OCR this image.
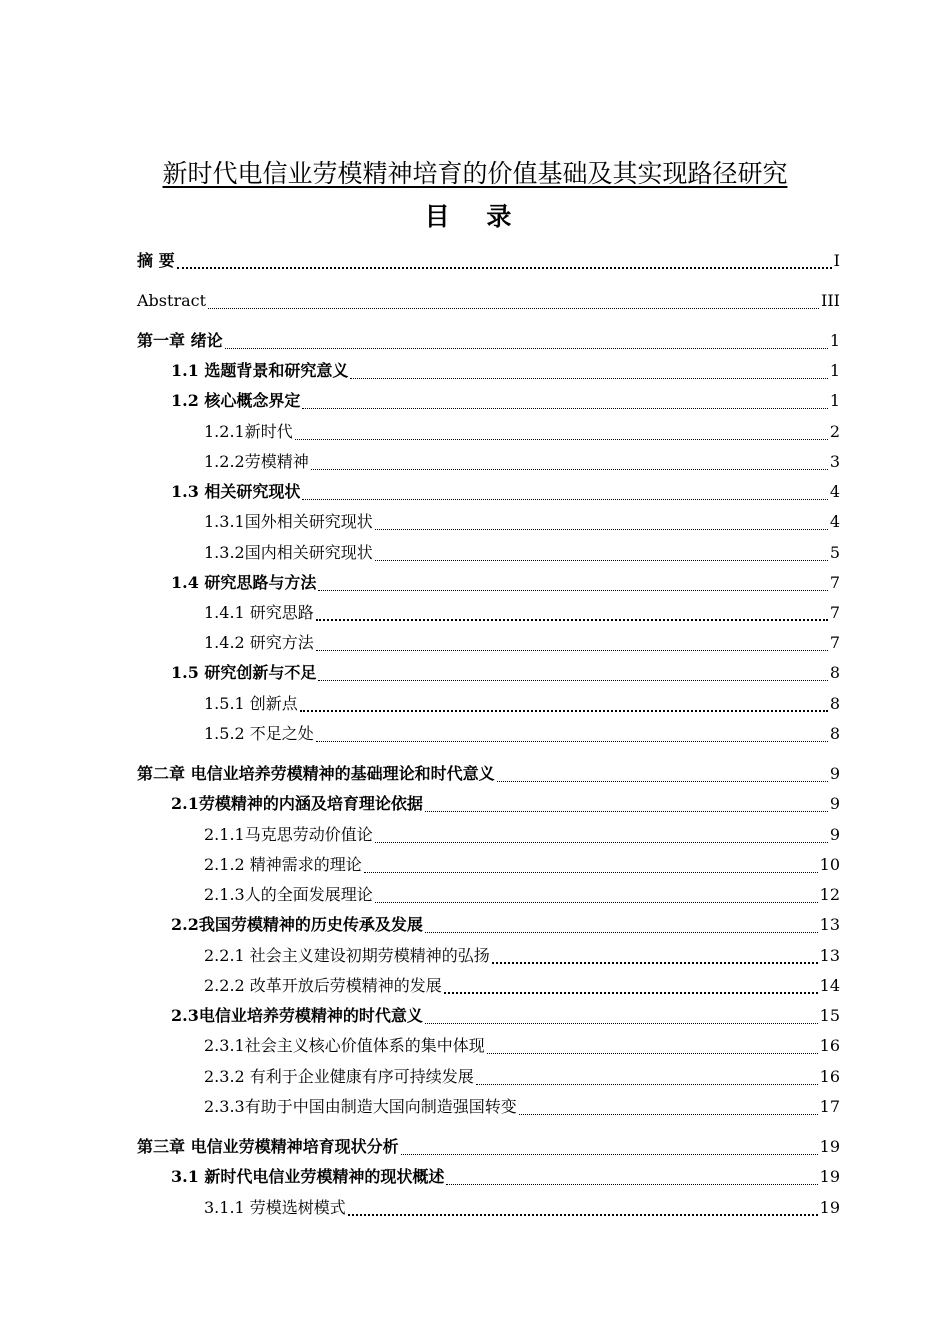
新时代电信业劳模精神培育的价值基础及其实现路径研究
目 录
摘 要	I
Abstract	III
第一章 绪论	1
1.1 选题背景和研究意义	1
1.2 核心概念界定	1
1.2.1新时代	2
1.2.2劳模精神	3
1.3 相关研究现状	4
1.3.1国外相关研究现状	4
1.3.2国内相关研究现状	5
1.4 研究思路与方法	7
1.4.1 研究思路	7
1.4.2 研究方法	7
1.5 研究创新与不足	8
1.5.1 创新点	8
1.5.2 不足之处	8
第二章 电信业培养劳模精神的基础理论和时代意义	9
2.1劳模精神的内涵及培育理论依据	9
2.1.1马克思劳动价值论	9
2.1.2 精神需求的理论	10
2.1.3人的全面发展理论	12
2.2我国劳模精神的历史传承及发展	13
2.2.1 社会主义建设初期劳模精神的弘扬	13
2.2.2 改革开放后劳模精神的发展	14
2.3电信业培养劳模精神的时代意义	15
2.3.1社会主义核心价值体系的集中体现	16
2.3.2 有利于企业健康有序可持续发展	16
2.3.3有助于中国由制造大国向制造强国转变	17
第三章 电信业劳模精神培育现状分析	19
3.1 新时代电信业劳模精神的现状概述	19
3.1.1 劳模选树模式	19
